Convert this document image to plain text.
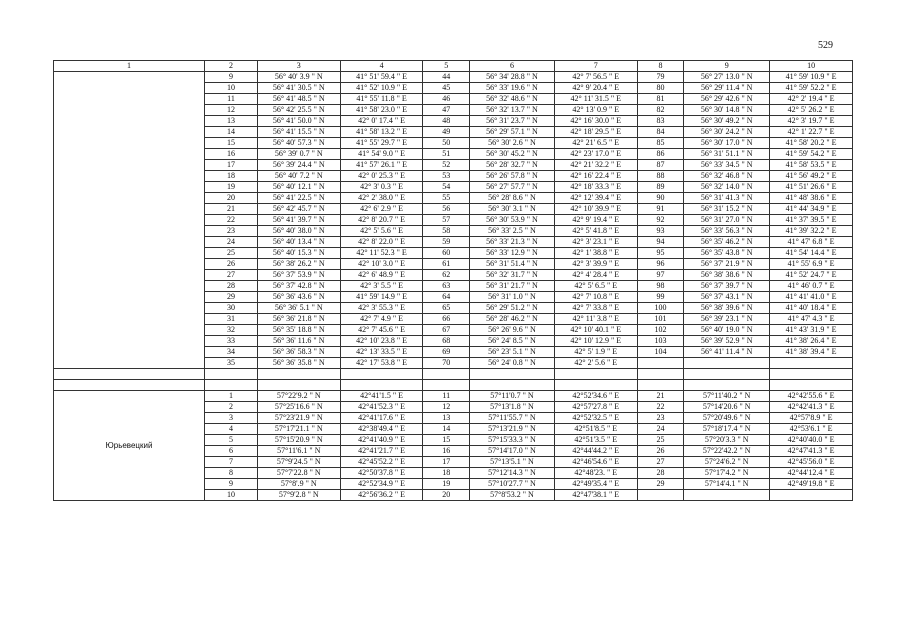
529
1	2	3	4	5	6	7	8	9	10
	9	56° 40' 3.9 " N	41° 51' 59.4 " E	44	56° 34' 28.8 " N	42° 7' 56.5 " E	79	56° 27' 13.0 " N	41° 59' 10.9 " E
	10	56° 41' 30.5 " N	41° 52' 10.9 " E	45	56° 33' 19.6 " N	42° 9' 20.4 " E	80	56° 29' 11.4 " N	41° 59' 52.2 " E
	11	56° 41' 48.5 " N	41° 55' 11.8 " E	46	56° 32' 48.6 " N	42° 11' 31.5 " E	81	56° 29' 42.6 " N	42° 2' 19.4 " E
	12	56° 42' 25.5 " N	41° 58' 23.0 " E	47	56° 32' 13.7 " N	42° 13' 0.9 " E	82	56° 30' 14.8 " N	42° 5' 26.2 " E
	13	56° 41' 50.0 " N	42° 0' 17.4 " E	48	56° 31' 23.7 " N	42° 16' 30.0 " E	83	56° 30' 49.2 " N	42° 3' 19.7 " E
	14	56° 41' 15.5 " N	41° 58' 13.2 " E	49	56° 29' 57.1 " N	42° 18' 29.5 " E	84	56° 30' 24.2 " N	42° 1' 22.7 " E
	15	56° 40' 57.3 " N	41° 55' 29.7 " E	50	56° 30' 2.6 " N	42° 21' 6.5 " E	85	56° 30' 17.0 " N	41° 58' 20.2 " E
	16	56° 39' 0.7 " N	41° 54' 9.0 " E	51	56° 30' 45.2 " N	42° 23' 17.0 " E	86	56° 31' 51.1 " N	41° 59' 54.2 " E
	17	56° 39' 24.4 " N	41° 57' 26.1 " E	52	56° 28' 32.7 " N	42° 21' 32.2 " E	87	56° 33' 34.5 " N	41° 58' 53.5 " E
	18	56° 40' 7.2 " N	42° 0' 25.3 " E	53	56° 26' 57.8 " N	42° 16' 22.4 " E	88	56° 32' 46.8 " N	41° 56' 49.2 " E
	19	56° 40' 12.1 " N	42° 3' 0.3 " E	54	56° 27' 57.7 " N	42° 18' 33.3 " E	89	56° 32' 14.0 " N	41° 51' 26.6 " E
	20	56° 41' 22.5 " N	42° 2' 38.0 " E	55	56° 28' 8.6 " N	42° 12' 39.4 " E	90	56° 31' 41.3 " N	41° 48' 38.6 " E
	21	56° 42' 45.7 " N	42° 6' 2.9 " E	56	56° 30' 3.1 " N	42° 10' 39.9 " E	91	56° 31' 15.2 " N	41° 44' 34.9 " E
	22	56° 41' 39.7 " N	42° 8' 20.7 " E	57	56° 30' 53.9 " N	42° 9' 19.4 " E	92	56° 31' 27.0 " N	41° 37' 39.5 " E
	23	56° 40' 38.0 " N	42° 5' 5.6 " E	58	56° 33' 2.5 " N	42° 5' 41.8 " E	93	56° 33' 56.3 " N	41° 39' 32.2 " E
	24	56° 40' 13.4 " N	42° 8' 22.0 " E	59	56° 33' 21.3 " N	42° 3' 23.1 " E	94	56° 35' 46.2 " N	41° 47' 6.8 " E
	25	56° 40' 15.3 " N	42° 11' 52.3 " E	60	56° 33' 12.9 " N	42° 1' 38.8 " E	95	56° 35' 43.8 " N	41° 54' 14.4 " E
	26	56° 38' 26.2 " N	42° 10' 3.0 " E	61	56° 31' 51.4 " N	42° 3' 39.9 " E	96	56° 37' 21.9 " N	41° 55' 6.9 " E
	27	56° 37' 53.9 " N	42° 6' 48.9 " E	62	56° 32' 31.7 " N	42° 4' 28.4 " E	97	56° 38' 38.6 " N	41° 52' 24.7 " E
	28	56° 37' 42.8 " N	42° 3' 5.5 " E	63	56° 31' 21.7 " N	42° 5' 6.5 " E	98	56° 37' 39.7 " N	41° 46' 0.7 " E
	29	56° 36' 43.6 " N	41° 59' 14.9 " E	64	56° 31' 1.0 " N	42° 7' 10.8 " E	99	56° 37' 43.1 " N	41° 41' 41.0 " E
	30	56° 36' 5.1 " N	42° 3' 55.3 " E	65	56° 29' 51.2 " N	42° 7' 33.8 " E	100	56° 38' 39.6 " N	41° 40' 18.4 " E
	31	56° 36' 21.8 " N	42° 7' 4.9 " E	66	56° 28' 46.2 " N	42° 11' 3.8 " E	101	56° 39' 23.1 " N	41° 47' 4.3 " E
	32	56° 35' 18.8 " N	42° 7' 45.6 " E	67	56° 26' 9.6 " N	42° 10' 40.1 " E	102	56° 40' 19.0 " N	41° 43' 31.9 " E
	33	56° 36' 11.6 " N	42° 10' 23.8 " E	68	56° 24' 8.5 " N	42° 10' 12.9 " E	103	56° 39' 52.9 " N	41° 38' 26.4 " E
	34	56° 36' 58.3 " N	42° 13' 33.5 " E	69	56° 23' 5.1 " N	42° 5' 1.9 " E	104	56° 41' 11.4 " N	41° 38' 39.4 " E
	35	56° 36' 35.8 " N	42° 17' 53.8 " E	70	56° 24' 0.8 " N	42° 2' 5.6 " E			

Юрьевецкий	1	57°22'9.2 " N	42°41'1.5 " E	11	57°11'0.7 " N	42°52'34.6 " E	21	57°11'40.2 " N	42°42'55.6 " E
	2	57°25'16.6 " N	42°41'52.3 " E	12	57°13'1.8 " N	42°57'27.8 " E	22	57°14'20.6 " N	42°42'41.3 " E
	3	57°23'21.9 " N	42°41'17.6 " E	13	57°11'55.7 " N	42°52'32.5 " E	23	57°20'49.6 " N	42°57'8.9 " E
	4	57°17'21.1 " N	42°38'49.4 " E	14	57°13'21.9 " N	42°51'8.5 " E	24	57°18'17.4 " N	42°53'6.1 " E
	5	57°15'20.9 " N	42°41'40.9 " E	15	57°15'33.3 " N	42°51'3.5 " E	25	57°20'3.3 " N	42°40'40.0 " E
	6	57°11'6.1 " N	42°41'21.7 " E	16	57°14'17.0 " N	42°44'44.2 " E	26	57°22'42.2 " N	42°47'41.3 " E
	7	57°9'24.5 " N	42°45'52.2 " E	17	57°13'5.1 " N	42°46'54.6 " E	27	57°24'6.2 " N	42°45'56.0 " E
	8	57°7'22.8 " N	42°50'37.8 " E	18	57°12'14.3 " N	42°48'23. " E	28	57°17'4.2 " N	42°44'12.4 " E
	9	57°8'.9 " N	42°52'34.9 " E	19	57°10'27.7 " N	42°49'35.4 " E	29	57°14'4.1 " N	42°49'19.8 " E
	10	57°9'2.8 " N	42°56'36.2 " E	20	57°8'53.2 " N	42°47'38.1 " E			
